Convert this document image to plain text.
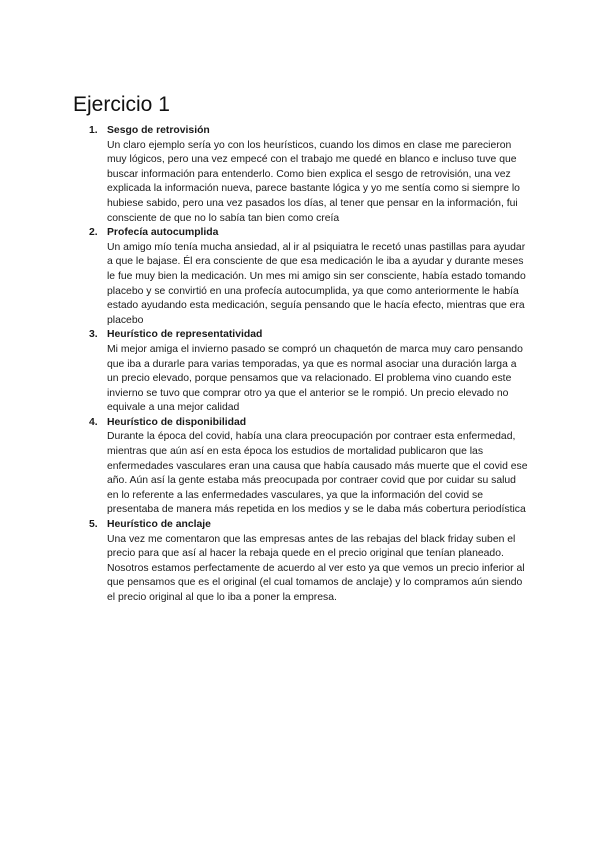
Ejercicio 1
1. Sesgo de retrovisión
Un claro ejemplo sería yo con los heurísticos, cuando los dimos en clase me parecieron muy lógicos, pero una vez empecé con el trabajo me quedé en blanco e incluso tuve que buscar información para entenderlo. Como bien explica el sesgo de retrovisión, una vez explicada la información nueva, parece bastante lógica y yo me sentía como si siempre lo hubiese sabido, pero una vez pasados los días, al tener que pensar en la información, fui consciente de que no lo sabía tan bien como creía
2. Profecía autocumplida
Un amigo mío tenía mucha ansiedad, al ir al psiquiatra le recetó unas pastillas para ayudar a que le bajase. Él era consciente de que esa medicación le iba a ayudar y durante meses le fue muy bien la medicación. Un mes mi amigo sin ser consciente, había estado tomando placebo y se convirtió en una profecía autocumplida, ya que como anteriormente le había estado ayudando esta medicación, seguía pensando que le hacía efecto, mientras que era placebo
3. Heurístico de representatividad
Mi mejor amiga el invierno pasado se compró un chaquetón de marca muy caro pensando que iba a durarle para varias temporadas, ya que es normal asociar una duración larga a un precio elevado, porque pensamos que va relacionado. El problema vino cuando este invierno se tuvo que comprar otro ya que el anterior se le rompió. Un precio elevado no equivale a una mejor calidad
4. Heurístico de disponibilidad
Durante la época del covid, había una clara preocupación por contraer esta enfermedad, mientras que aún así en esta época los estudios de mortalidad publicaron que las enfermedades vasculares eran una causa que había causado más muerte que el covid ese año. Aún así la gente estaba más preocupada por contraer covid que por cuidar su salud en lo referente a las enfermedades vasculares, ya que la información del covid se presentaba de manera más repetida en los medios y se le daba más cobertura periodística
5. Heurístico de anclaje
Una vez me comentaron que las empresas antes de las rebajas del black friday suben el precio para que así al hacer la rebaja quede en el precio original que tenían planeado. Nosotros estamos perfectamente de acuerdo al ver esto ya que vemos un precio inferior al que pensamos que es el original (el cual tomamos de anclaje) y lo compramos aún siendo el precio original al que lo iba a poner la empresa.
